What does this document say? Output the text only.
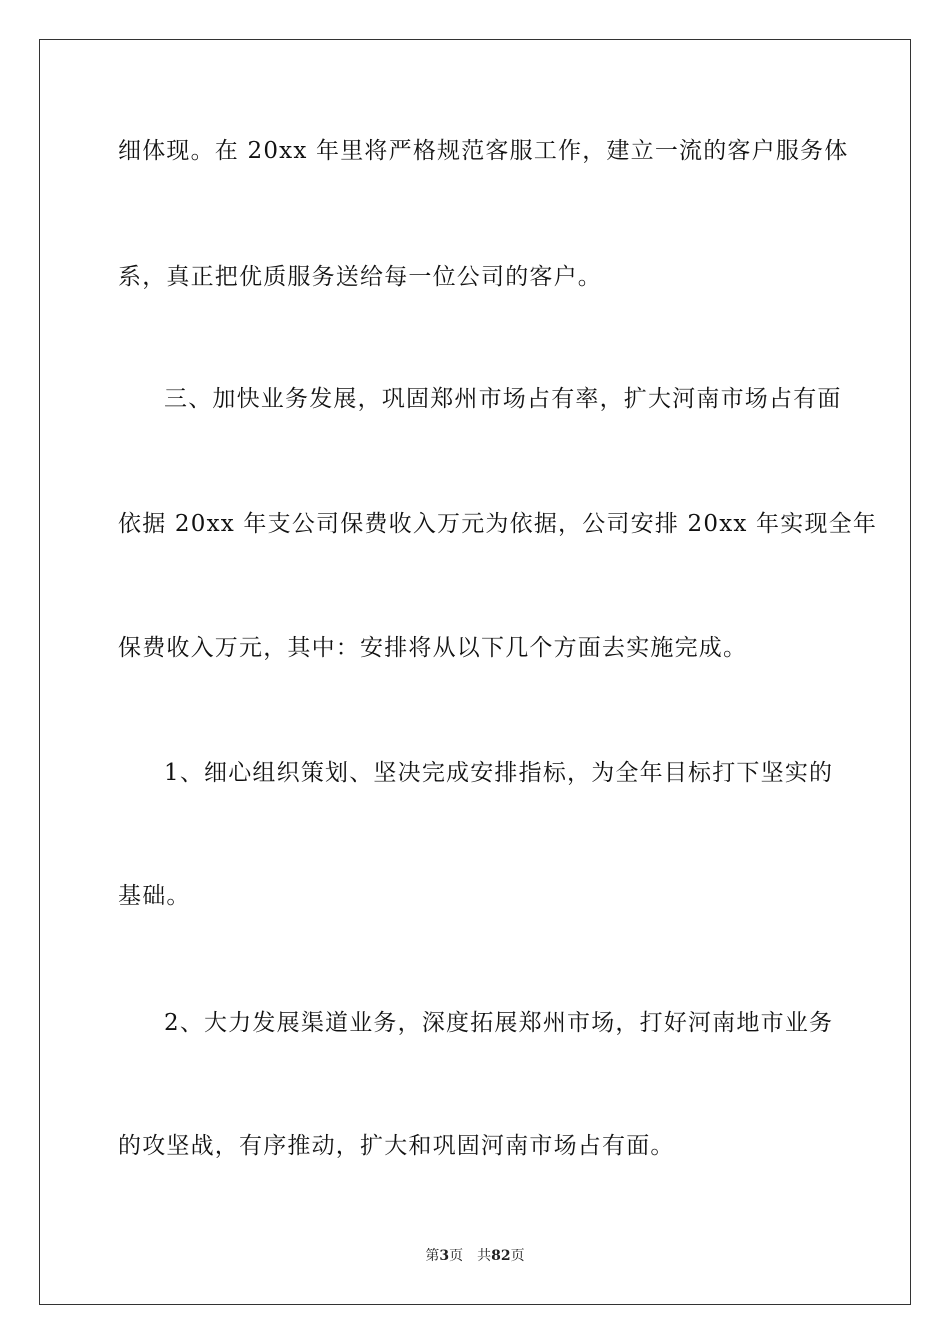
细体现。在 20xx 年里将严格规范客服工作，建立一流的客户服务体
系，真正把优质服务送给每一位公司的客户。
三、加快业务发展，巩固郑州市场占有率，扩大河南市场占有面
依据 20xx 年支公司保费收入万元为依据，公司安排 20xx 年实现全年
保费收入万元，其中：安排将从以下几个方面去实施完成。
1、细心组织策划、坚决完成安排指标，为全年目标打下坚实的
基础。
2、大力发展渠道业务，深度拓展郑州市场，打好河南地市业务
的攻坚战，有序推动，扩大和巩固河南市场占有面。
第3页 共82页
